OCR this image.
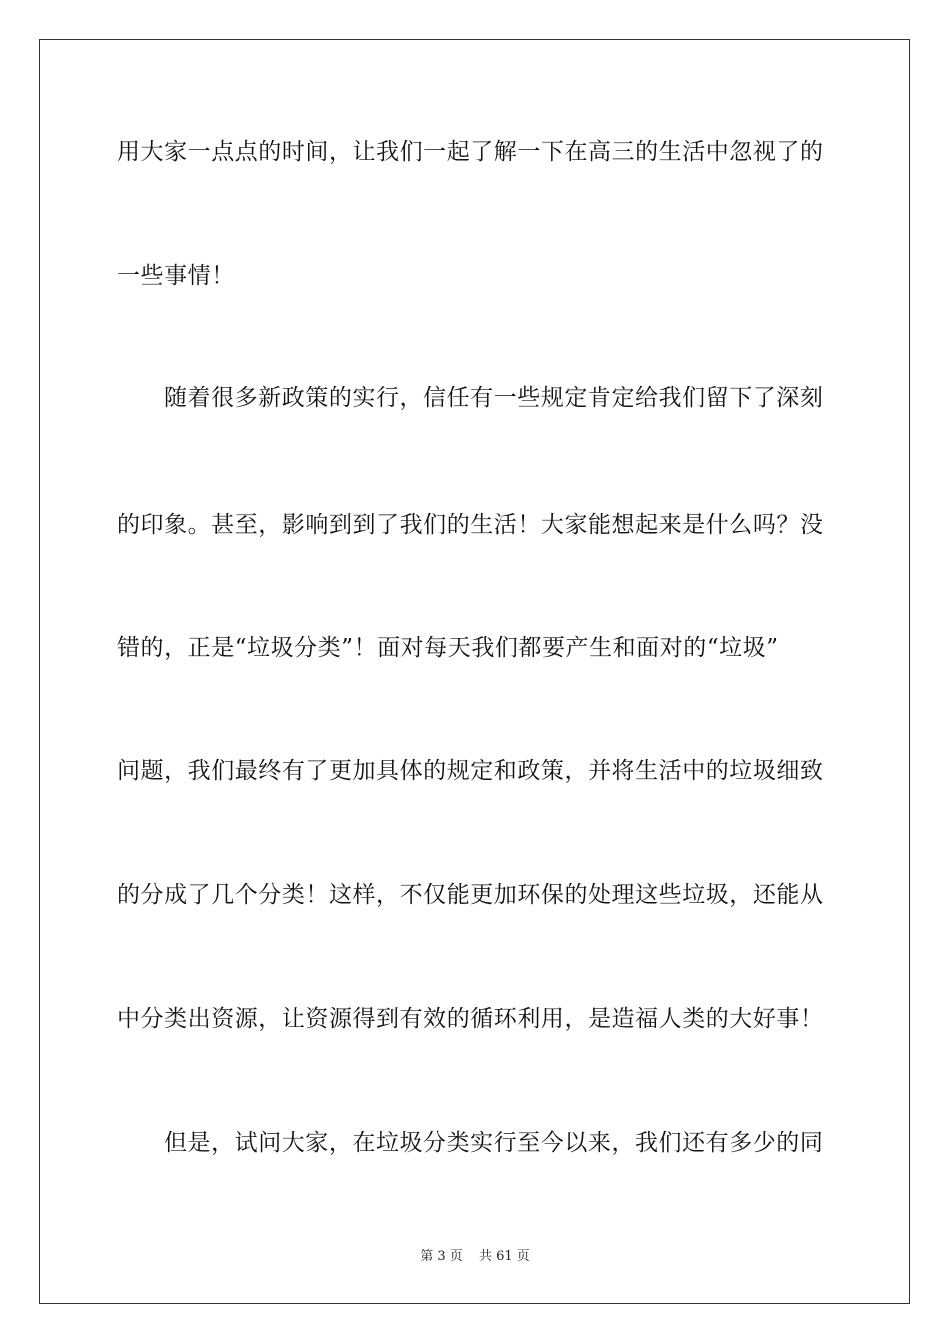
用大家一点点的时间，让我们一起了解一下在高三的生活中忽视了的
一些事情！
随着很多新政策的实行，信任有一些规定肯定给我们留下了深刻
的印象。甚至，影响到到了我们的生活！大家能想起来是什么吗？没
错的，正是“垃圾分类”！面对每天我们都要产生和面对的“垃圾”
问题，我们最终有了更加具体的规定和政策，并将生活中的垃圾细致
的分成了几个分类！这样，不仅能更加环保的处理这些垃圾，还能从
中分类出资源，让资源得到有效的循环利用，是造福人类的大好事！
但是，试问大家，在垃圾分类实行至今以来，我们还有多少的同
第 3 页 共 61 页
